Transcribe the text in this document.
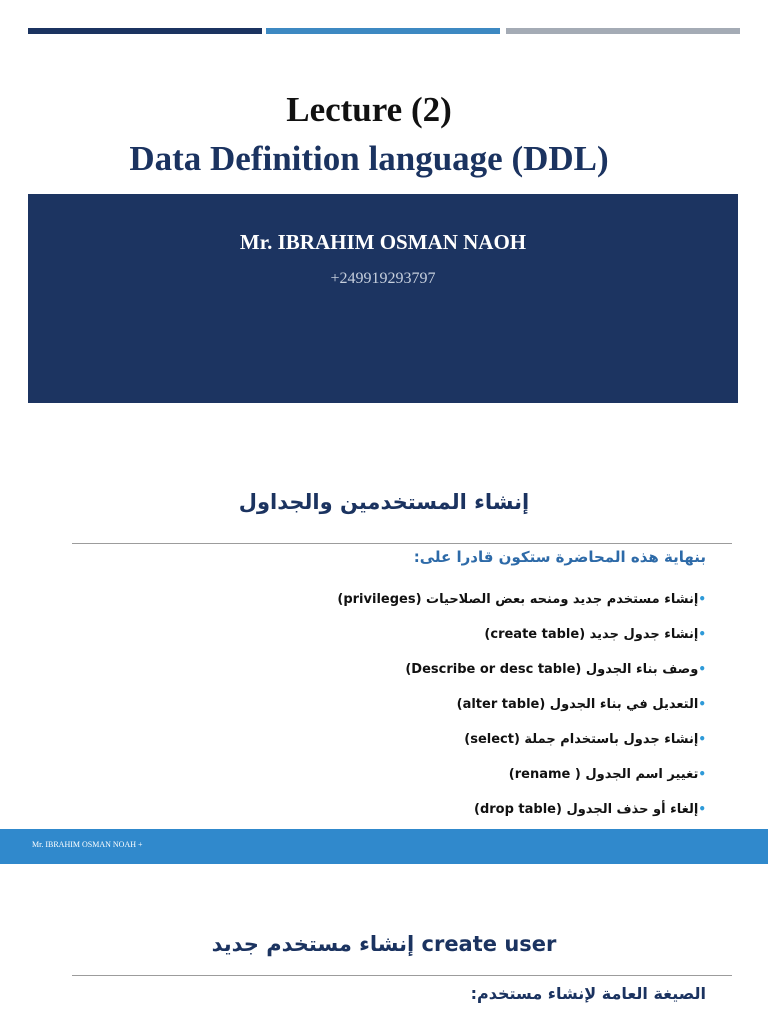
Lecture (2)
Data Definition language (DDL)
Mr. IBRAHIM OSMAN NAOH
+249919293797
إنشاء المستخدمين والجداول
بنهاية هذه المحاضرة ستكون قادرا على:
•إنشاء مستخدم جديد ومنحه بعض الصلاحيات (privileges)
•إنشاء جدول جديد (create table)
•وصف بناء الجدول (Describe or desc table)
•التعديل في بناء الجدول (alter table)
•إنشاء جدول باستخدام جملة (select)
•تغيير اسم الجدول ( rename)
•إلغاء أو حذف الجدول (drop table)
Mr. IBRAHIM OSMAN NOAH +
إنشاء مستخدم جديد create user
الصيغة العامة لإنشاء مستخدم:
